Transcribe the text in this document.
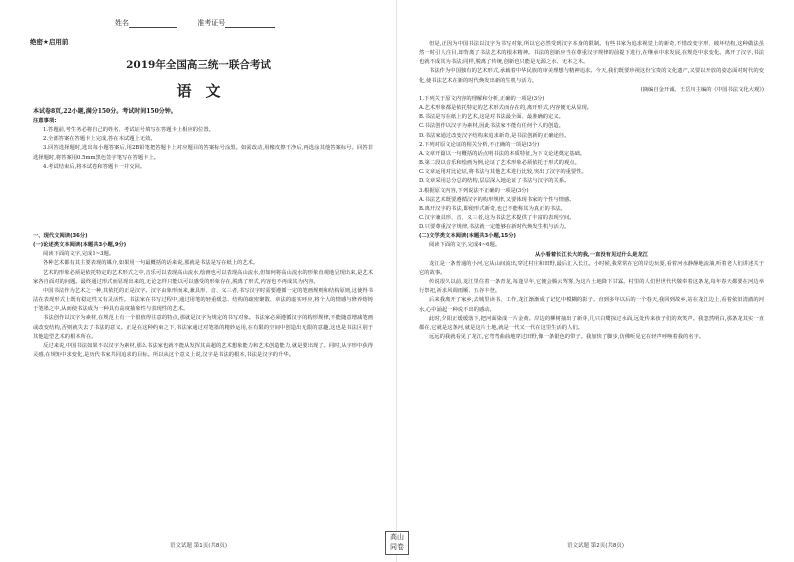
姓名	准考证号
绝密★启用前
2019年全国高三统一联合考试
语文
本试卷8页,22小题,满分150分。考试时间150分钟。

注意事项:

1.答题前,考生务必将自己的姓名、考试证号填写在答题卡上相应的位置。

2.全部答案在答题卡上完成,答在本试题上无效。

3.回答选择题时,选出每小题答案后,用2B铅笔把答题卡上对应题目的答案标号涂黑。如需改动,用橡皮擦干净后,再选涂其他答案标号。回答非选择题时,将答案用0.5mm黑色签字笔写在答题卡上。

4.考试结束后,将本试卷和答题卡一并交回。

一、现代文阅读(36分)

(一)论述类文本阅读(本题共3小题,9分)

阅读下面的文字,完成1~3题。

各种艺术都有其主要表现的媒介,如果用一句最概括的话来说,那就是书法是写在纸上的艺术。

艺术的形象必须是依托特定的艺术形式之中,音乐可以表现高山流水,绘画也可以表现高山流水,但如何将高山流水的形象直观地呈现出来,是艺术家各自面对的问题。最终通过形式而显现出来的,无论怎样只能以可以感受的形象存在,脱离了形式,内容也不再成其为内容。

中国书法作为艺术之一种,其依托的正是汉字。汉字由象形而来,兼具形、音、义三者,书写汉字时需要遵循一定的笔画规则和结构原则,这使得书法在表现形式上既有稳定性又有灵活性。书法家在书写过程中,通过用笔的轻重缓急、结构的疏密聚散、章法的虚实呼应,将个人的情感与修养熔铸于笔墨之中,从而使书法成为一种具有高度抽象性与表现性的艺术。

书法创作以汉字为素材,在规范上有一个很值得注意的特点,那就是汉字为规定的书写对象。书法家必须遵循汉字的构形规律,不能随意增减笔画或改变结构,否则就失去了书法的意义。正是在这种约束之下,书法家通过对笔墨的精妙运用,在有限的空间中创造出无限的意趣,这也是书法区别于其他造型艺术的根本所在。

反过来说,中国书法如果不以汉字为素材,那么书法家也就不能从发挥其高超的艺术想象能力和艺术创造能力,就是要出现了。同时,从字形中获得灵感,在规矩中求变化,是历代书家共同追求的目标。所以从这个意义上说,汉字是书法的根本,书法是汉字的升华。

语文试题 第1页(共8页)
高山
同卷

但是,正因为中国书法以汉字为书写对象,所以它必然受到汉字本身的限制。有些书家为追求视觉上的新奇,不惜改变字形、破坏结构,这种做法虽然一时引人注目,却背离了书法艺术的根本精神。书法的创新应当在尊重汉字规律的前提下进行,在继承中求发展,在规范中求变化。离开了汉字,书法也就不成其为书法;同样,脱离了传统,创新也只能是无源之水、无本之木。

书法作为中国独有的艺术形式,承载着中华民族的审美理想与精神追求。今天,我们既要珍视这份宝贵的文化遗产,又要以开放的姿态面对时代的变化,使书法艺术在新的时代焕发出新的生机与活力。

(摘编自金开诚、王岳川主编的《中国书法文化大观》)

1.下列关于原文内容的理解和分析,正确的一项是(3分)

A.艺术形象都是依托特定的艺术形式而存在的,离开形式,内容便无从显现。

B.书法是写在纸上的艺术,这是对书法最全面、最准确的定义。

C.书法创作以汉字为素材,因此书法家不能有任何个人的创造。

D.书法家通过改变汉字结构来追求新奇,是书法创新的正确途径。

2.下列对原文论证的相关分析,不正确的一项是(3分)

A.文章开篇以一句概括的话点明书法的本质特征,为下文论述奠定基础。

B.第二段以音乐和绘画为例,论证了艺术形象必须依托于形式的观点。

C.文章运用对比论证,将书法与其他艺术进行比较,突出了汉字的重要性。

D.文章采用总分总的结构,层层深入地论证了书法与汉字的关系。

3.根据原文内容,下列说法不正确的一项是(3分)

A.书法艺术既要遵循汉字的构形规律,又要体现书家的个性与情感。

B.离开汉字的书法,即使形式新奇,也已不能称其为真正的书法。

C.汉字兼具形、音、义三者,这为书法艺术提供了丰富的表现空间。

D.只要尊重汉字规律,书法就一定能够在新时代焕发生机与活力。

(二)文学类文本阅读(本题共3小题,15分)

阅读下面的文字,完成4~6题。

从小看着长江长大的我,一直没有见过什么是龙江

龙江是一条普通的小河,它从山间流出,穿过村庄和田野,最后汇入长江。小时候,我常常在它的岸边玩耍,看着河水静静地流淌,听着老人们讲述关于它的故事。

传说很久以前,龙江里住着一条青龙,每逢旱年,它便会腾云驾雾,为这片土地降下甘霖。村里的人们世世代代敬奉着这条龙,每年春天都要在河边举行祭祀,祈求风调雨顺、五谷丰登。

后来我离开了家乡,去城里读书、工作,龙江渐渐成了记忆中模糊的影子。直到多年以后的一个春天,我回到故乡,站在龙江边上,看着依旧清澈的河水,心中涌起一种说不出的感动。

此时,夕阳正缓缓落下,把河面染成一片金黄。岸边的柳树抽出了新芽,几只白鹭掠过水面,远处传来孩子们的欢笑声。我忽然明白,那条龙其实一直都在,它就是这条河,就是这片土地,就是一代又一代在这里生活的人们。

远远的我就看见了龙江,它弯弯曲曲地穿过田野,像一条银色的带子。我加快了脚步,仿佛听见它在轻声呼唤着我的名字。

语文试题 第2页(共8页)
